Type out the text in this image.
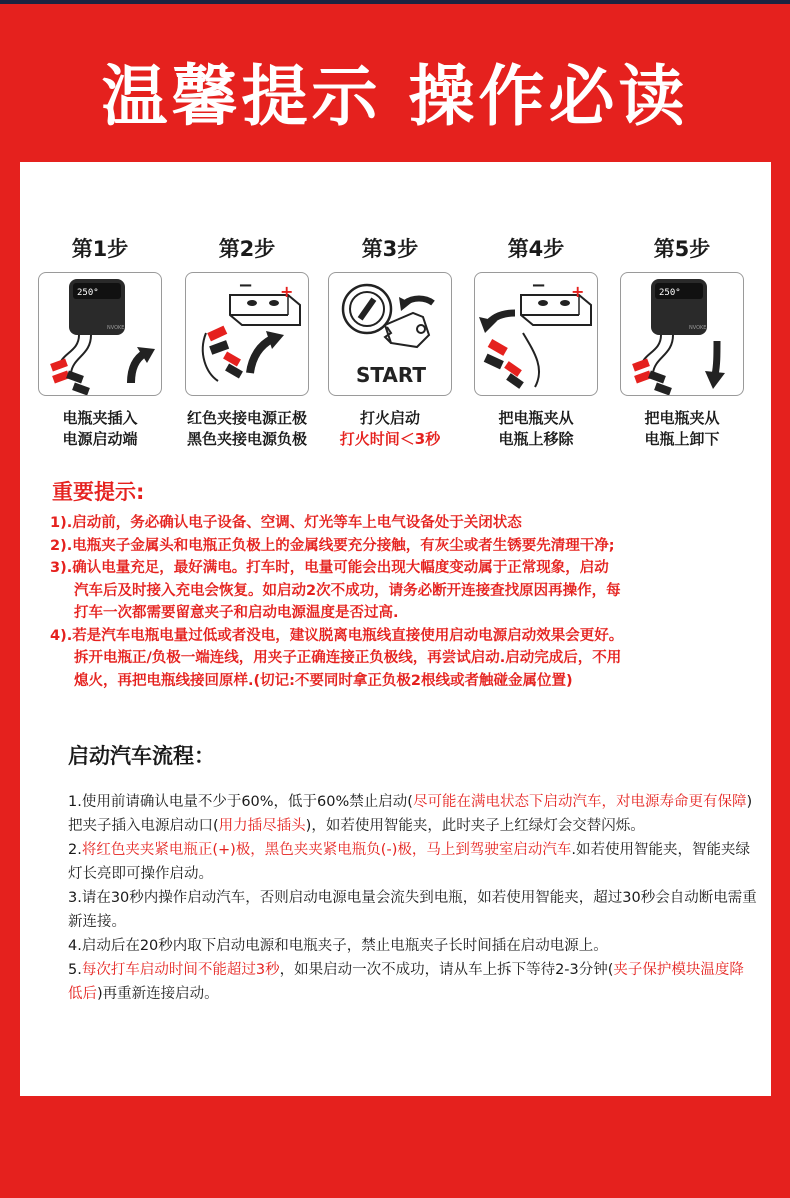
温馨提示 操作必读
第1步
250°
NVOKE
电瓶夹插入
电源启动端
第2步
− +
红色夹接电源正极
黑色夹接电源负极
第3步
START
打火启动
打火时间＜3秒
第4步
− +
把电瓶夹从
电瓶上移除
第5步
250°
NVOKE
把电瓶夹从
电瓶上卸下
重要提示:
1).启动前，务必确认电子设备、空调、灯光等车上电气设备处于关闭状态
2).电瓶夹子金属头和电瓶正负极上的金属线要充分接触，有灰尘或者生锈要先清理干净;
3).确认电量充足，最好满电。打车时，电量可能会出现大幅度变动属于正常现象，启动
汽车后及时接入充电会恢复。如启动2次不成功，请务必断开连接查找原因再操作，每
打车一次都需要留意夹子和启动电源温度是否过高.
4).若是汽车电瓶电量过低或者没电，建议脱离电瓶线直接使用启动电源启动效果会更好。
拆开电瓶正/负极一端连线，用夹子正确连接正负极线，再尝试启动.启动完成后，不用
熄火，再把电瓶线接回原样.(切记:不要同时拿正负极2根线或者触碰金属位置)
启动汽车流程：

1.使用前请确认电量不少于60%，低于60%禁止启动(尽可能在满电状态下启动汽车，对电源寿命更有保障)把夹子插入电源启动口(用力插尽插头)，如若使用智能夹，此时夹子上红绿灯会交替闪烁。

2.将红色夹夹紧电瓶正(+)极，黑色夹夹紧电瓶负(-)极，马上到驾驶室启动汽车.如若使用智能夹，智能夹绿灯长亮即可操作启动。

3.请在30秒内操作启动汽车，否则启动电源电量会流失到电瓶，如若使用智能夹，超过30秒会自动断电需重新连接。

4.启动后在20秒内取下启动电源和电瓶夹子，禁止电瓶夹子长时间插在启动电源上。

5.每次打车启动时间不能超过3秒，如果启动一次不成功，请从车上拆下等待2-3分钟(夹子保护模块温度降低后)再重新连接启动。
